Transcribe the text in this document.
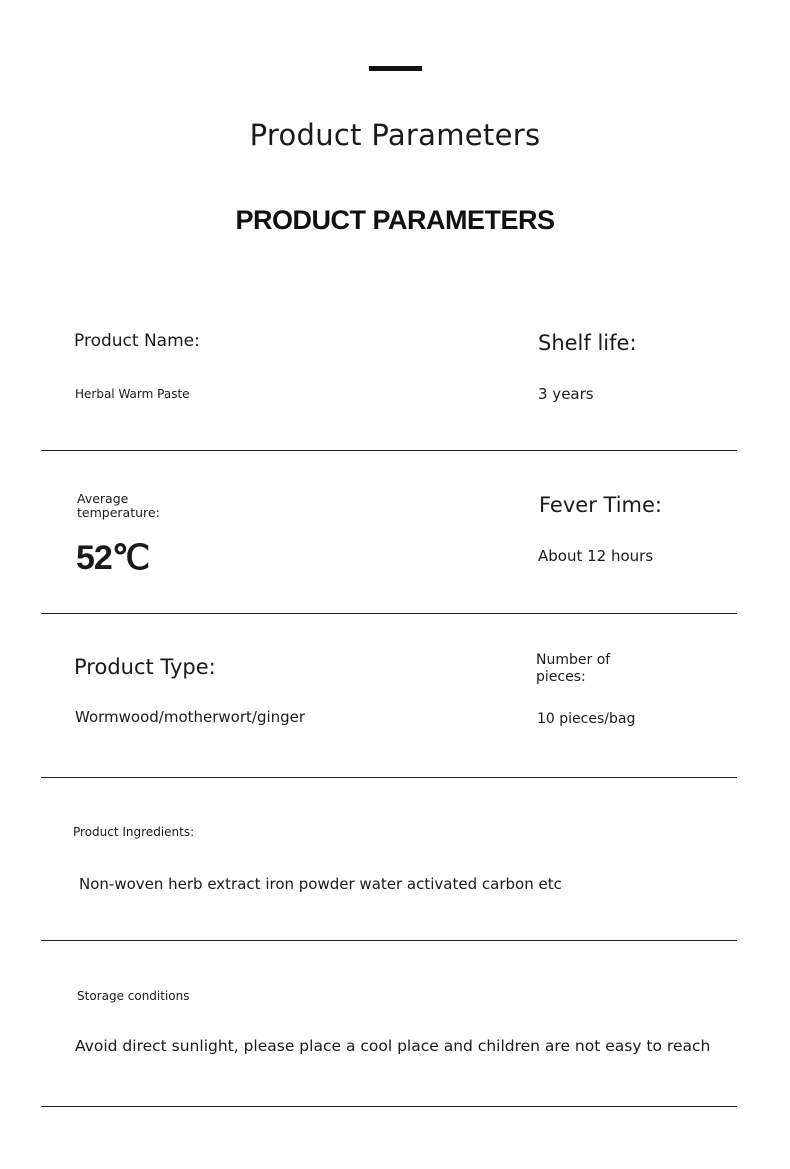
Product Parameters
PRODUCT PARAMETERS
Product Name:
Herbal Warm Paste
Shelf life:
3 years
Average temperature:
52℃
Fever Time:
About 12 hours
Product Type:
Wormwood/motherwort/ginger
Number of pieces:
10 pieces/bag
Product Ingredients:
Non-woven herb extract iron powder water activated carbon etc
Storage conditions
Avoid direct sunlight, please place a cool place and children are not easy to reach
